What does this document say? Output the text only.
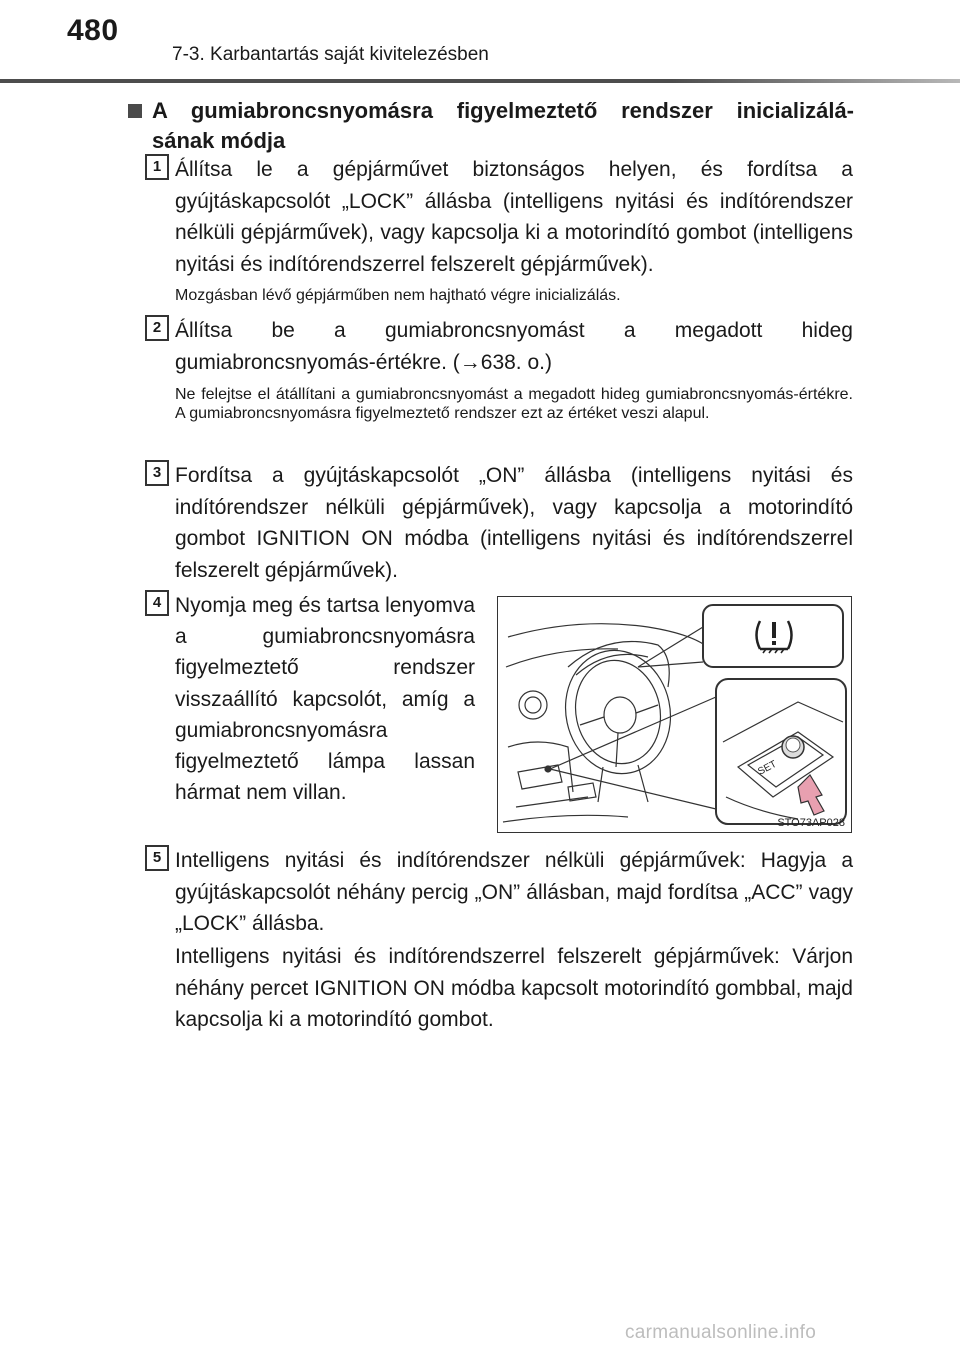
480
7-3. Karbantartás saját kivitelezésben
A gumiabroncsnyomásra figyelmeztető rendszer inicializálá-
sának módja
1 Állítsa le a gépjárművet biztonságos helyen, és fordítsa a gyújtáskapcsolót „LOCK” állásba (intelligens nyitási és indítórendszer nélküli gépjárművek), vagy kapcsolja ki a motorindító gombot (intelligens nyitási és indítórendszerrel felszerelt gépjárművek).
Mozgásban lévő gépjárműben nem hajtható végre inicializálás.
2 Állítsa be a gumiabroncsnyomást a megadott hideg gumiabroncsnyomás-értékre. (→638. o.)
Ne felejtse el átállítani a gumiabroncsnyomást a megadott hideg gumiabroncsnyomás-értékre. A gumiabroncsnyomásra figyelmeztető rendszer ezt az értéket veszi alapul.
3 Fordítsa a gyújtáskapcsolót „ON” állásba (intelligens nyitási és indítórendszer nélküli gépjárművek), vagy kapcsolja a motorindító gombot IGNITION ON módba (intelligens nyitási és indítórendszerrel felszerelt gépjárművek).
4 Nyomja meg és tartsa lenyomva a gumiabroncsnyomásra figyelmeztető rendszer visszaállító kapcsolót, amíg a gumiabroncsnyomásra figyelmeztető lámpa lassan hármat nem villan.
SET
STO73AP028
5 Intelligens nyitási és indítórendszer nélküli gépjárművek: Hagyja a gyújtáskapcsolót néhány percig „ON” állásban, majd fordítsa „ACC” vagy „LOCK” állásba.
Intelligens nyitási és indítórendszerrel felszerelt gépjárművek: Várjon néhány percet IGNITION ON módba kapcsolt motorindító gombbal, majd kapcsolja ki a motorindító gombot.
carmanualsonline.info
